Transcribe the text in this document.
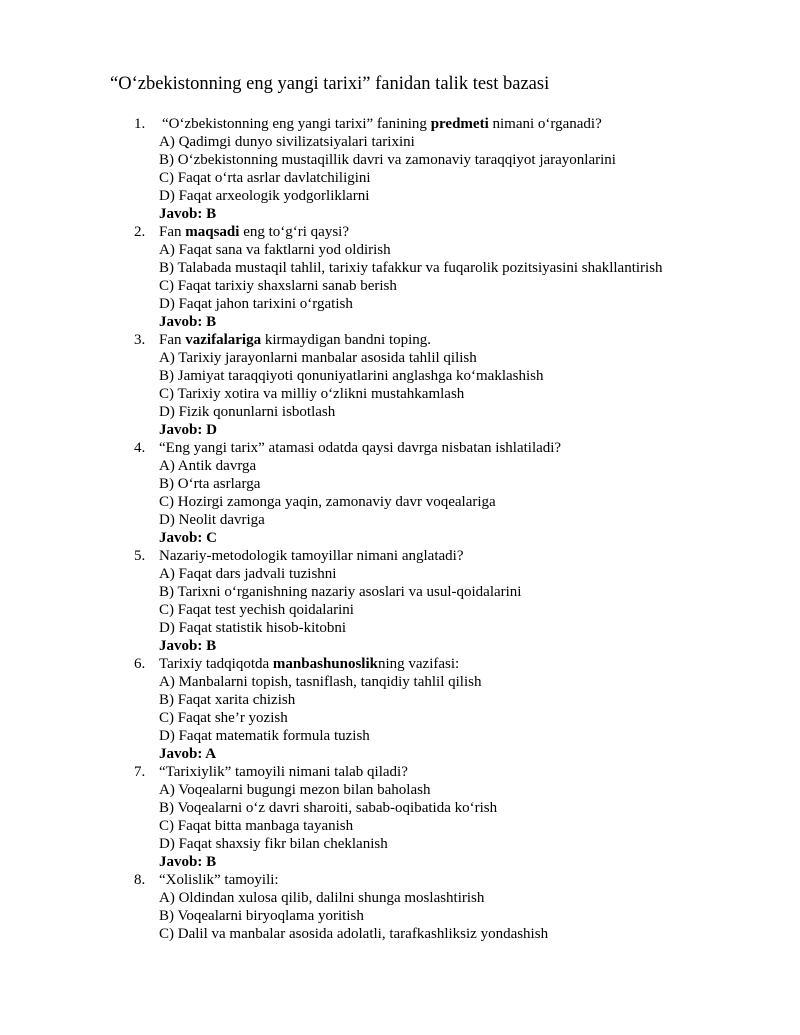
“O‘zbekistonning eng yangi tarixi” fanidan talik test bazasi
1.	“O‘zbekistonning eng yangi tarixi” fanining predmeti nimani o‘rganadi?
A) Qadimgi dunyo sivilizatsiyalari tarixini
B) O‘zbekistonning mustaqillik davri va zamonaviy taraqqiyot jarayonlarini
C) Faqat o‘rta asrlar davlatchiligini
D) Faqat arxeologik yodgorliklarni
Javob: B
2. Fan maqsadi eng to‘g‘ri qaysi?
A) Faqat sana va faktlarni yod oldirish
B) Talabada mustaqil tahlil, tarixiy tafakkur va fuqarolik pozitsiyasini shakllantirish
C) Faqat tarixiy shaxslarni sanab berish
D) Faqat jahon tarixini o‘rgatish
Javob: B
3. Fan vazifalariga kirmaydigan bandni toping.
A) Tarixiy jarayonlarni manbalar asosida tahlil qilish
B) Jamiyat taraqqiyoti qonuniyatlarini anglashga ko‘maklashish
C) Tarixiy xotira va milliy o‘zlikni mustahkamlash
D) Fizik qonunlarni isbotlash
Javob: D
4. “Eng yangi tarix” atamasi odatda qaysi davrga nisbatan ishlatiladi?
A) Antik davrga
B) O‘rta asrlarga
C) Hozirgi zamonga yaqin, zamonaviy davr voqealariga
D) Neolit davriga
Javob: C
5. Nazariy-metodologik tamoyillar nimani anglatadi?
A) Faqat dars jadvali tuzishni
B) Tarixni o‘rganishning nazariy asoslari va usul-qoidalarini
C) Faqat test yechish qoidalarini
D) Faqat statistik hisob-kitobni
Javob: B
6. Tarixiy tadqiqotda manbashunoslikning vazifasi:
A) Manbalarni topish, tasniflash, tanqidiy tahlil qilish
B) Faqat xarita chizish
C) Faqat she’r yozish
D) Faqat matematik formula tuzish
Javob: A
7. “Tarixiylik” tamoyili nimani talab qiladi?
A) Voqealarni bugungi mezon bilan baholash
B) Voqealarni o‘z davri sharoiti, sabab-oqibatida ko‘rish
C) Faqat bitta manbaga tayanish
D) Faqat shaxsiy fikr bilan cheklanish
Javob: B
8. “Xolislik” tamoyili:
A) Oldindan xulosa qilib, dalilni shunga moslashtirish
B) Voqealarni biryoqlama yoritish
C) Dalil va manbalar asosida adolatli, tarafkashliksiz yondashish
